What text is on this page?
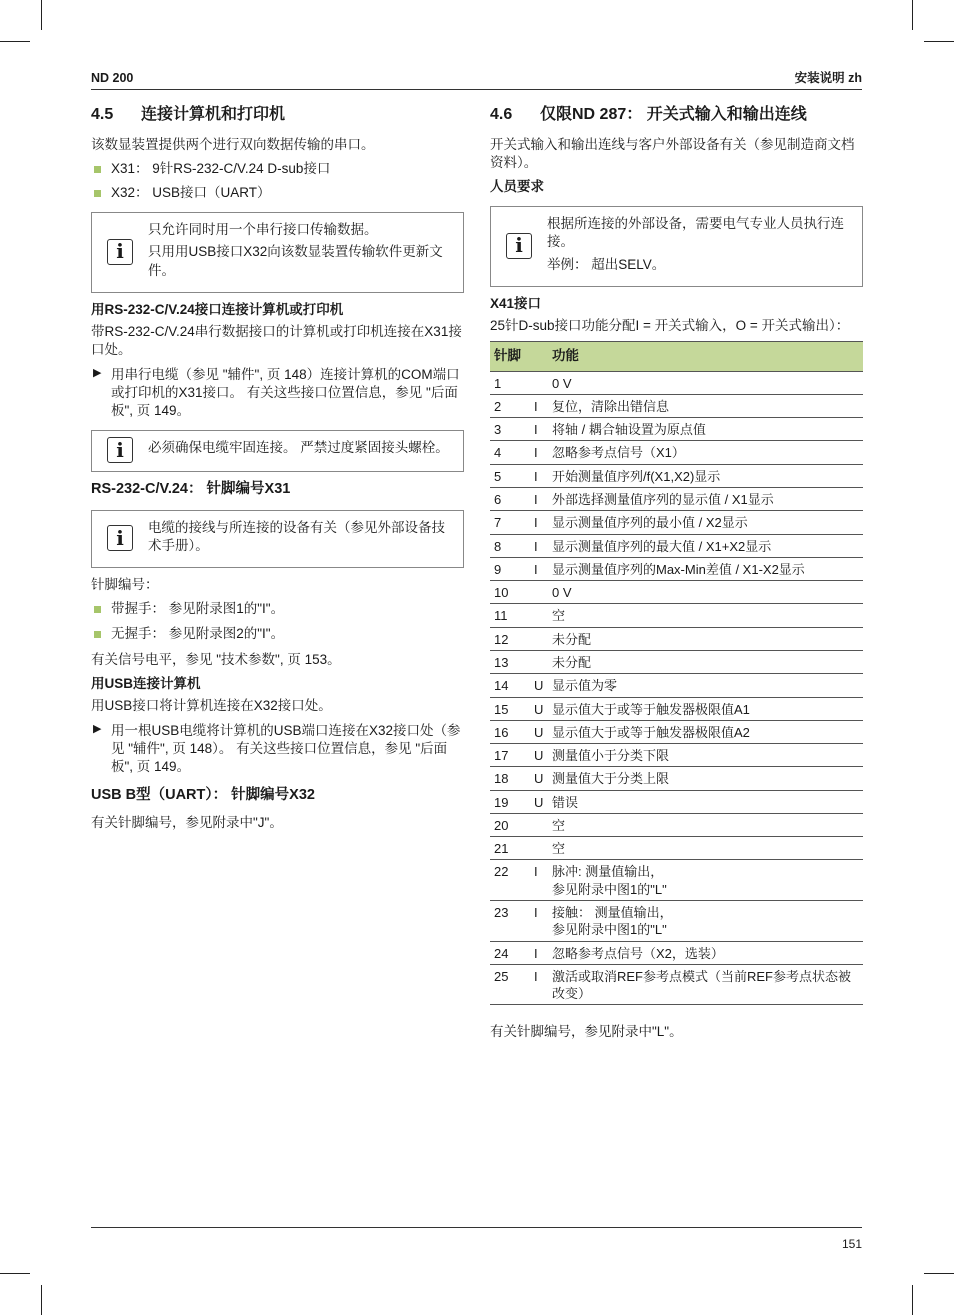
ND 200	安装说明 zh
4.5	连接计算机和打印机

该数显装置提供两个进行双向数据传输的串口。

X31： 9针RS-232-C/V.24 D-sub接口
X32： USB接口（UART）
i

只允许同时用一个串行接口传输数据。

只用用USB接口X32向该数显装置传输软件更新文件。

用RS-232-C/V.24接口连接计算机或打印机

带RS-232-C/V.24串行数据接口的计算机或打印机连接在X31接口处。

▶ 用串行电缆（参见 "辅件", 页 148）连接计算机的COM端口或打印机的X31接口。 有关这些接口位置信息，参见 "后面板", 页 149。
i	必须确保电缆牢固连接。 严禁过度紧固接头螺栓。

RS-232-C/V.24： 针脚编号X31
i	电缆的接线与所连接的设备有关（参见外部设备技术手册）。

针脚编号：

带握手： 参见附录图1的"I"。
无握手： 参见附录图2的"I"。

有关信号电平，参见 "技术参数", 页 153。

用USB连接计算机

用USB接口将计算机连接在X32接口处。

▶ 用一根USB电缆将计算机的USB端口连接在X32接口处（参见 "辅件", 页 148）。 有关这些接口位置信息，参见 "后面板", 页 149。
USB B型（UART）： 针脚编号X32

有关针脚编号，参见附录中"J"。

4.6	仅限ND 287： 开关式输入和输出连线

开关式输入和输出连线与客户外部设备有关（参见制造商文档资料）。

人员要求
i

根据所连接的外部设备，需要电气专业人员执行连接。

举例： 超出SELV。

X41接口

25针D-sub接口功能分配I = 开关式输入，O = 开关式输出）：

针脚		功能
1		0 V
2	I	复位，清除出错信息
3	I	将轴 / 耦合轴设置为原点值
4	I	忽略参考点信号（X1）
5	I	开始测量值序列/f(X1,X2)显示
6	I	外部选择测量值序列的显示值 / X1显示
7	I	显示测量值序列的最小值 / X2显示
8	I	显示测量值序列的最大值 / X1+X2显示
9	I	显示测量值序列的Max-Min差值 / X1-X2显示
10		0 V
11		空
12		未分配
13		未分配
14	U	显示值为零
15	U	显示值大于或等于触发器极限值A1
16	U	显示值大于或等于触发器极限值A2
17	U	测量值小于分类下限
18	U	测量值大于分类上限
19	U	错误
20		空
21		空
22	I	脉冲: 测量值输出，
参见附录中图1的"L"
23	I	接触： 测量值输出，
参见附录中图1的"L"
24	I	忽略参考点信号（X2，选装）
25	I	激活或取消REF参考点模式（当前REF参考点状态被改变）

有关针脚编号，参见附录中"L"。

151
